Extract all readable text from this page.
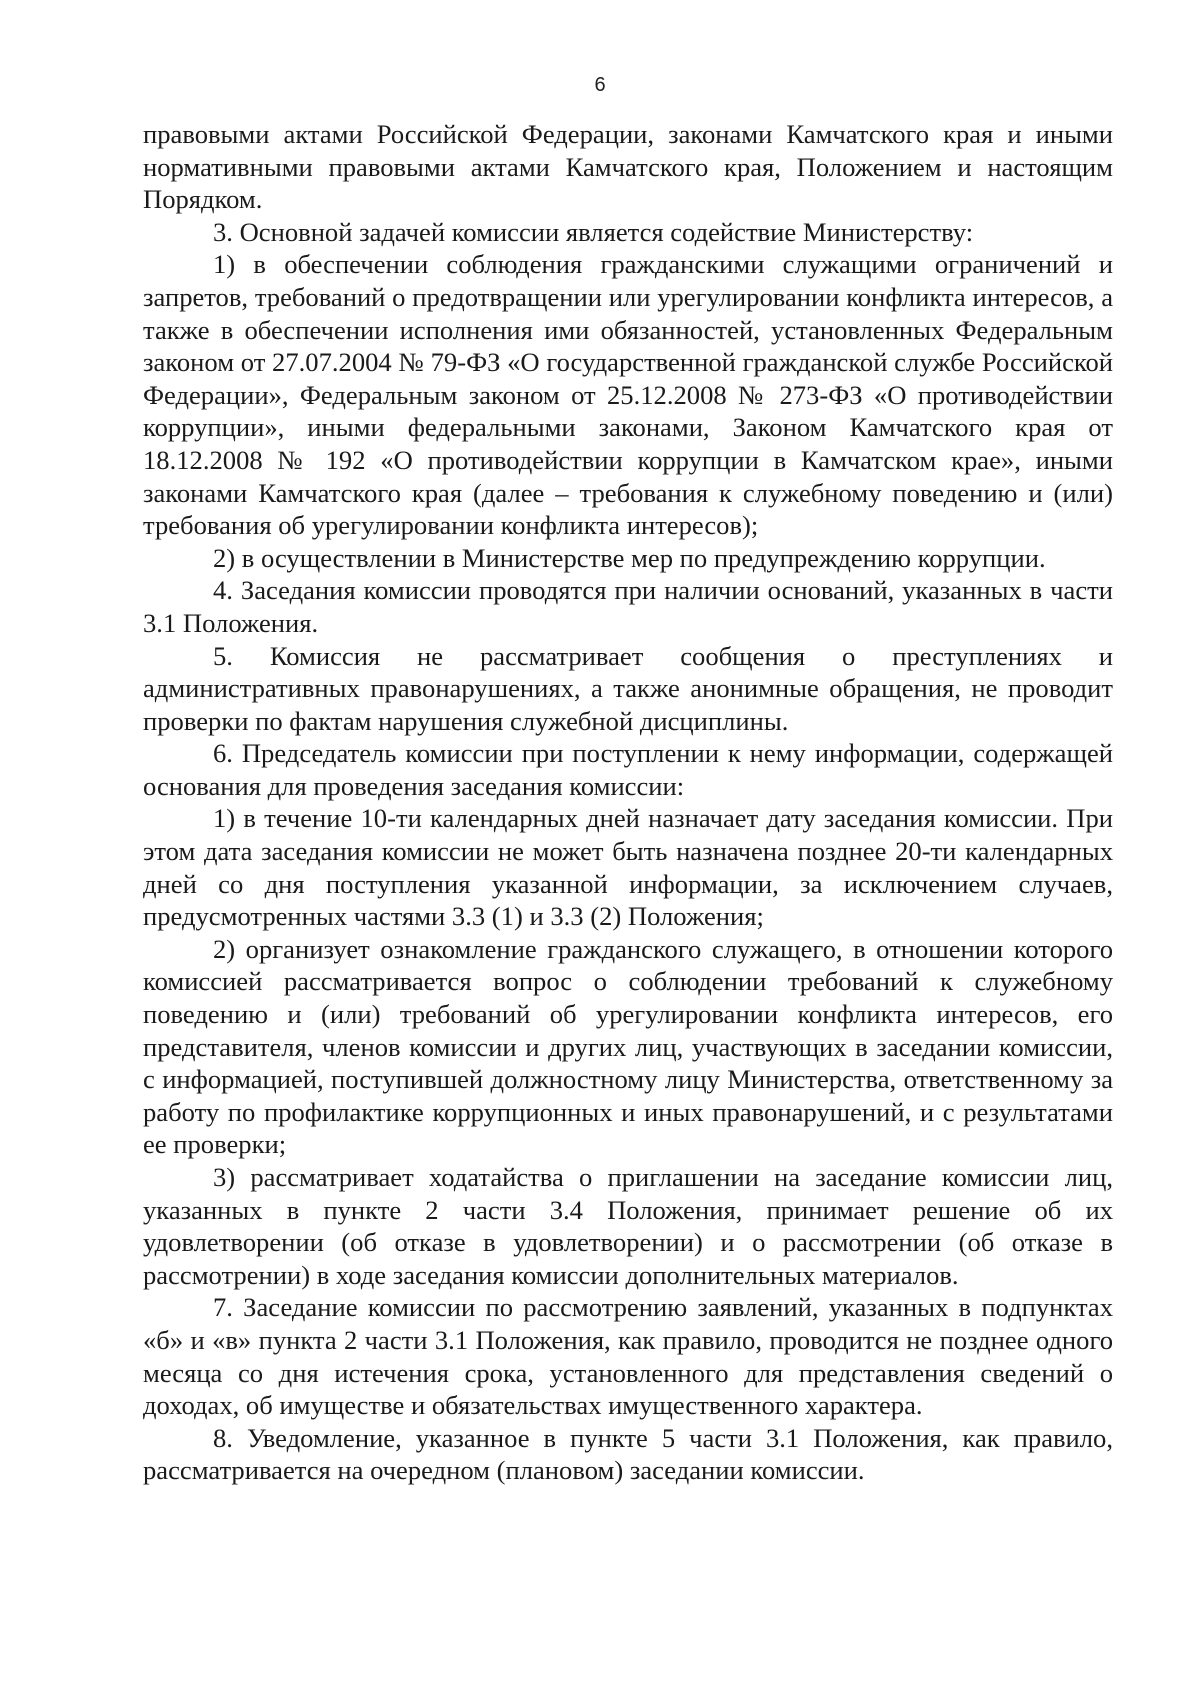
6

правовыми актами Российской Федерации, законами Камчатского края и иными нормативными правовыми актами Камчатского края, Положением и настоящим Порядком.

3. Основной задачей комиссии является содействие Министерству:

1) в обеспечении соблюдения гражданскими служащими ограничений и запретов, требований о предотвращении или урегулировании конфликта интересов, а также в обеспечении исполнения ими обязанностей, установленных Федеральным законом от 27.07.2004 № 79-ФЗ «О государственной гражданской службе Российской Федерации», Федеральным законом от 25.12.2008 № 273-ФЗ «О противодействии коррупции», иными федеральными законами, Законом Камчатского края от 18.12.2008 № 192 «О противодействии коррупции в Камчатском крае», иными законами Камчатского края (далее – требования к служебному поведению и (или) требования об урегулировании конфликта интересов);

2) в осуществлении в Министерстве мер по предупреждению коррупции.

4. Заседания комиссии проводятся при наличии оснований, указанных в части 3.1 Положения.

5. Комиссия не рассматривает сообщения о преступлениях и административных правонарушениях, а также анонимные обращения, не проводит проверки по фактам нарушения служебной дисциплины.

6. Председатель комиссии при поступлении к нему информации, содержащей основания для проведения заседания комиссии:

1) в течение 10-ти календарных дней назначает дату заседания комиссии. При этом дата заседания комиссии не может быть назначена позднее 20-ти календарных дней со дня поступления указанной информации, за исключением случаев, предусмотренных частями 3.3 (1) и 3.3 (2) Положения;

2) организует ознакомление гражданского служащего, в отношении которого комиссией рассматривается вопрос о соблюдении требований к служебному поведению и (или) требований об урегулировании конфликта интересов, его представителя, членов комиссии и других лиц, участвующих в заседании комиссии, с информацией, поступившей должностному лицу Министерства, ответственному за работу по профилактике коррупционных и иных правонарушений, и с результатами ее проверки;

3) рассматривает ходатайства о приглашении на заседание комиссии лиц, указанных в пункте 2 части 3.4 Положения, принимает решение об их удовлетворении (об отказе в удовлетворении) и о рассмотрении (об отказе в рассмотрении) в ходе заседания комиссии дополнительных материалов.

7. Заседание комиссии по рассмотрению заявлений, указанных в подпунктах «б» и «в» пункта 2 части 3.1 Положения, как правило, проводится не позднее одного месяца со дня истечения срока, установленного для представления сведений о доходах, об имуществе и обязательствах имущественного характера.

8. Уведомление, указанное в пункте 5 части 3.1 Положения, как правило, рассматривается на очередном (плановом) заседании комиссии.
